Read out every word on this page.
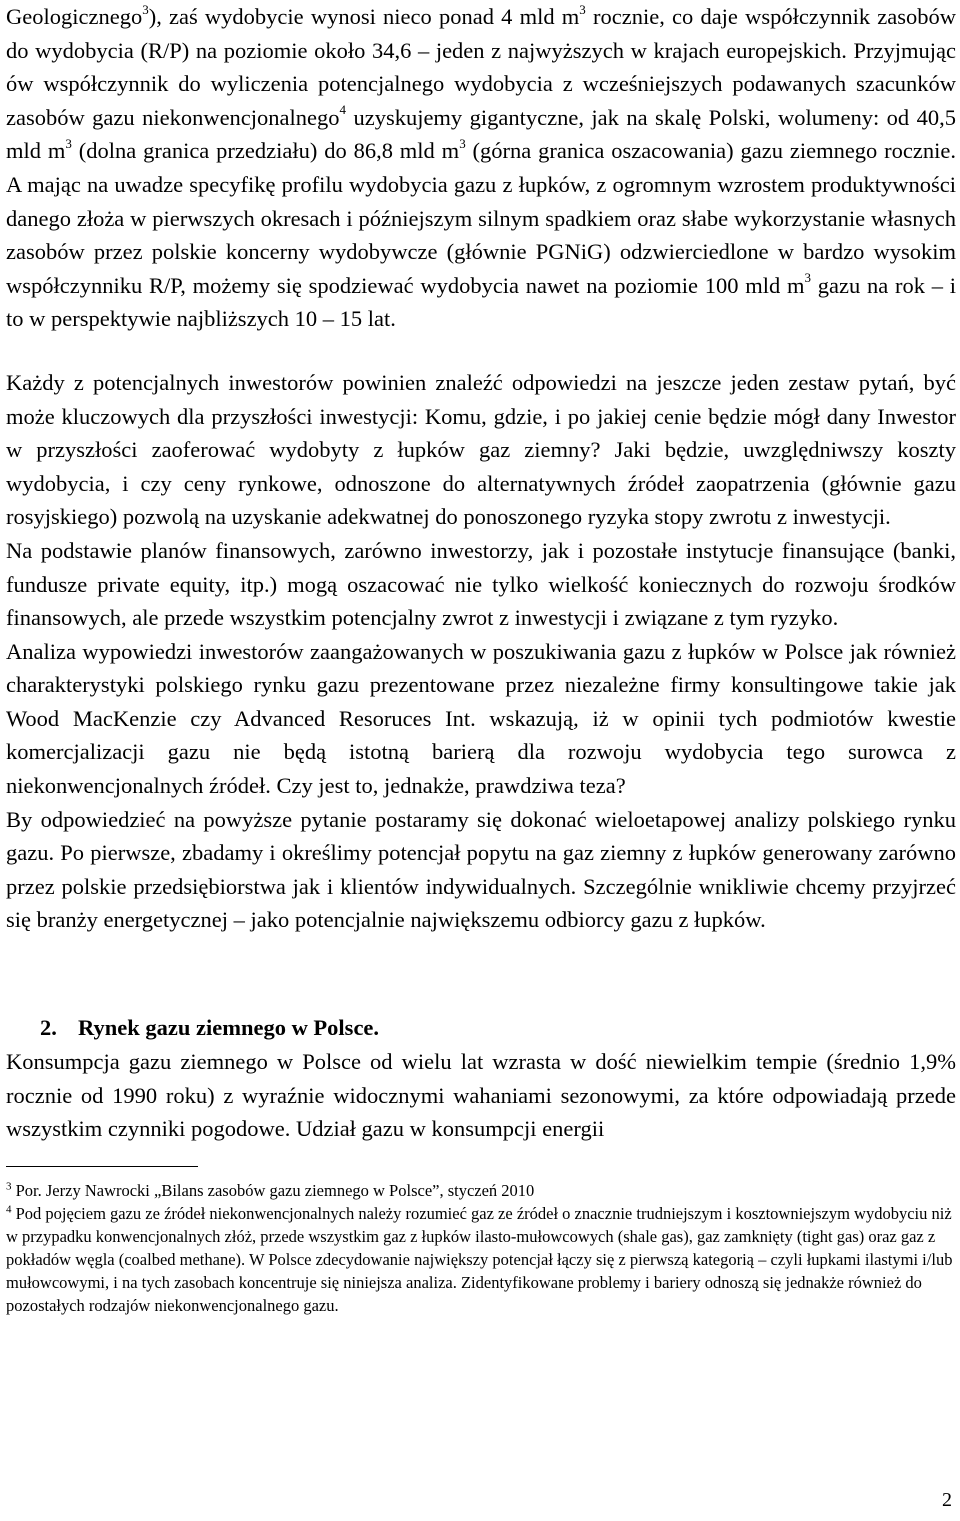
Geologicznego$^3$), zaś wydobycie wynosi nieco ponad 4 mld $m^3$ rocznie, co daje współczynnik zasobów do wydobycia (R/P) na poziomie około 34,6 – jeden z najwyższych w krajach europejskich. Przyjmując ów współczynnik do wyliczenia potencjalnego wydobycia z wcześniejszych podawanych szacunków zasobów gazu niekonwencjonalnego$^4$ uzyskujemy gigantyczne, jak na skalę Polski, wolumeny: od 40,5 mld $m^3$ (dolna granica przedziału) do 86,8 mld $m^3$ (górna granica oszacowania) gazu ziemnego rocznie. A mając na uwadze specyfikę profilu wydobycia gazu z łupków, z ogromnym wzrostem produktywności danego złoża w pierwszych okresach i późniejszym silnym spadkiem oraz słabe wykorzystanie własnych zasobów przez polskie koncerny wydobywcze (głównie PGNiG) odzwierciedlone w bardzo wysokim współczynniku R/P, możemy się spodziewać wydobycia nawet na poziomie 100 mld $m^3$ gazu na rok – i to w perspektywie najbliższych 10 – 15 lat.

Każdy z potencjalnych inwestorów powinien znaleźć odpowiedzi na jeszcze jeden zestaw pytań, być może kluczowych dla przyszłości inwestycji: Komu, gdzie, i po jakiej cenie będzie mógł dany Inwestor w przyszłości zaoferować wydobyty z łupków gaz ziemny? Jaki będzie, uwzględniwszy koszty wydobycia, i czy ceny rynkowe, odnoszone do alternatywnych źródeł zaopatrzenia (głównie gazu rosyjskiego) pozwolą na uzyskanie adekwatnej do ponoszonego ryzyka stopy zwrotu z inwestycji.

Na podstawie planów finansowych, zarówno inwestorzy, jak i pozostałe instytucje finansujące (banki, fundusze private equity, itp.) mogą oszacować nie tylko wielkość koniecznych do rozwoju środków finansowych, ale przede wszystkim potencjalny zwrot z inwestycji i związane z tym ryzyko.

Analiza wypowiedzi inwestorów zaangażowanych w poszukiwania gazu z łupków w Polsce jak również charakterystyki polskiego rynku gazu prezentowane przez niezależne firmy konsultingowe takie jak Wood MacKenzie czy Advanced Resoruces Int. wskazują, iż w opinii tych podmiotów kwestie komercjalizacji gazu nie będą istotną barierą dla rozwoju wydobycia tego surowca z niekonwencjonalnych źródeł. Czy jest to, jednakże, prawdziwa teza?

By odpowiedzieć na powyższe pytanie postaramy się dokonać wieloetapowej analizy polskiego rynku gazu. Po pierwsze, zbadamy i określimy potencjał popytu na gaz ziemny z łupków generowany zarówno przez polskie przedsiębiorstwa jak i klientów indywidualnych. Szczególnie wnikliwie chcemy przyjrzeć się branży energetycznej – jako potencjalnie największemu odbiorcy gazu z łupków.

2. Rynek gazu ziemnego w Polsce.

Konsumpcja gazu ziemnego w Polsce od wielu lat wzrasta w dość niewielkim tempie (średnio 1,9% rocznie od 1990 roku) z wyraźnie widocznymi wahaniami sezonowymi, za które odpowiadają przede wszystkim czynniki pogodowe. Udział gazu w konsumpcji energii

$^3$ Por. Jerzy Nawrocki „Bilans zasobów gazu ziemnego w Polsce”, styczeń 2010

$^4$ Pod pojęciem gazu ze źródeł niekonwencjonalnych należy rozumieć gaz ze źródeł o znacznie trudniejszym i kosztowniejszym wydobyciu niż w przypadku konwencjonalnych złóż, przede wszystkim gaz z łupków ilasto-mułowcowych (shale gas), gaz zamknięty (tight gas) oraz gaz z pokładów węgla (coalbed methane). W Polsce zdecydowanie największy potencjał łączy się z pierwszą kategorią – czyli łupkami ilastymi i/lub mułowcowymi, i na tych zasobach koncentruje się niniejsza analiza. Zidentyfikowane problemy i bariery odnoszą się jednakże również do pozostałych rodzajów niekonwencjonalnego gazu.

2
